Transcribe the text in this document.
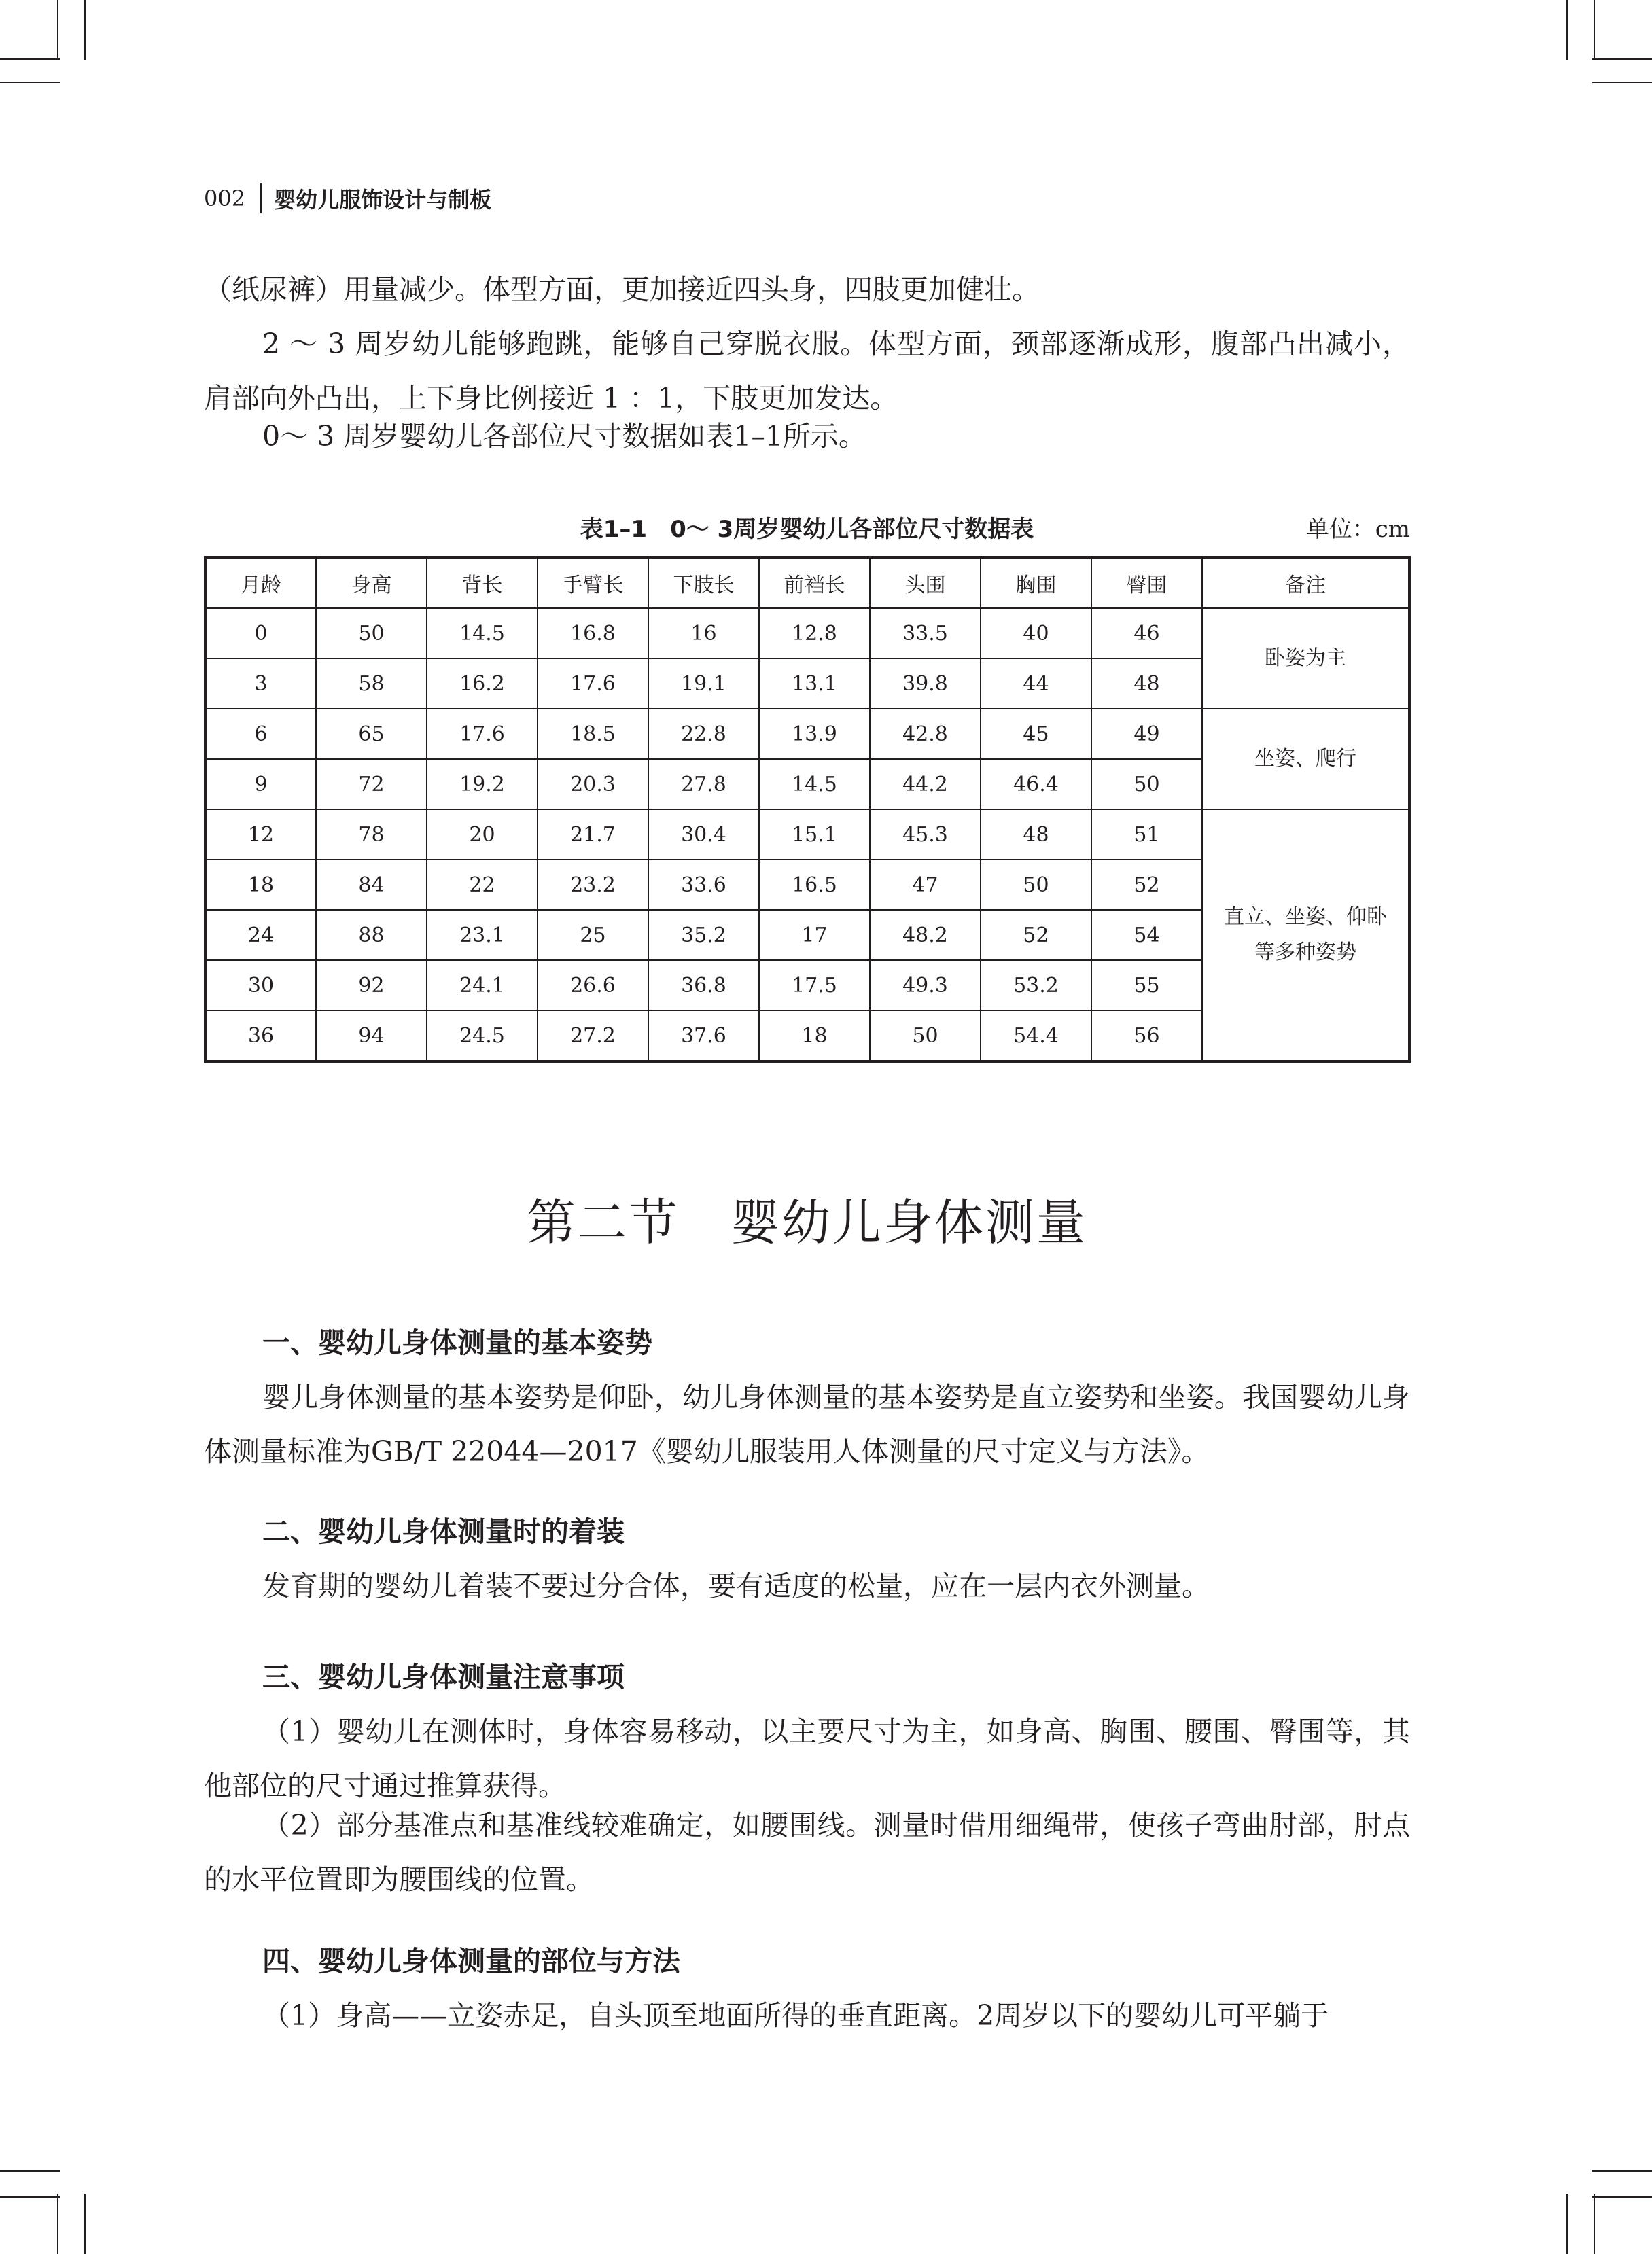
002 婴幼儿服饰设计与制板

（纸尿裤）用量减少。体型方面，更加接近四头身，四肢更加健壮。

2 ～ 3 周岁幼儿能够跑跳，能够自己穿脱衣服。体型方面，颈部逐渐成形，腹部凸出减小，肩部向外凸出，上下身比例接近 1 ：1，下肢更加发达。

0～ 3 周岁婴幼儿各部位尺寸数据如表1–1所示。

表1–1　0～ 3周岁婴幼儿各部位尺寸数据表	单位：cm
月龄	身高	背长	手臂长	下肢长	前裆长	头围	胸围	臀围	备注
0	50	14.5	16.8	16	12.8	33.5	40	46	卧姿为主

3	58	16.2	17.6	19.1	13.1	39.8	44	48	
6	65	17.6	18.5	22.8	13.9	42.8	45	49	坐姿、爬行

9	72	19.2	20.3	27.8	14.5	44.2	46.4	50	
12	78	20	21.7	30.4	15.1	45.3	48	51	直立、坐姿、仰卧
等多种姿势

18	84	22	23.2	33.6	16.5	47	50	52	
24	88	23.1	25	35.2	17	48.2	52	54	
30	92	24.1	26.6	36.8	17.5	49.3	53.2	55	
36	94	24.5	27.2	37.6	18	50	54.4	56	
第二节　婴幼儿身体测量

一、婴幼儿身体测量的基本姿势

婴儿身体测量的基本姿势是仰卧，幼儿身体测量的基本姿势是直立姿势和坐姿。我国婴幼儿身体测量标准为GB/T 22044—2017《婴幼儿服装用人体测量的尺寸定义与方法》。

二、婴幼儿身体测量时的着装

发育期的婴幼儿着装不要过分合体，要有适度的松量，应在一层内衣外测量。

三、婴幼儿身体测量注意事项

（1）婴幼儿在测体时，身体容易移动，以主要尺寸为主，如身高、胸围、腰围、臀围等，其他部位的尺寸通过推算获得。

（2）部分基准点和基准线较难确定，如腰围线。测量时借用细绳带，使孩子弯曲肘部，肘点的水平位置即为腰围线的位置。

四、婴幼儿身体测量的部位与方法

（1）身高——立姿赤足，自头顶至地面所得的垂直距离。2周岁以下的婴幼儿可平躺于
